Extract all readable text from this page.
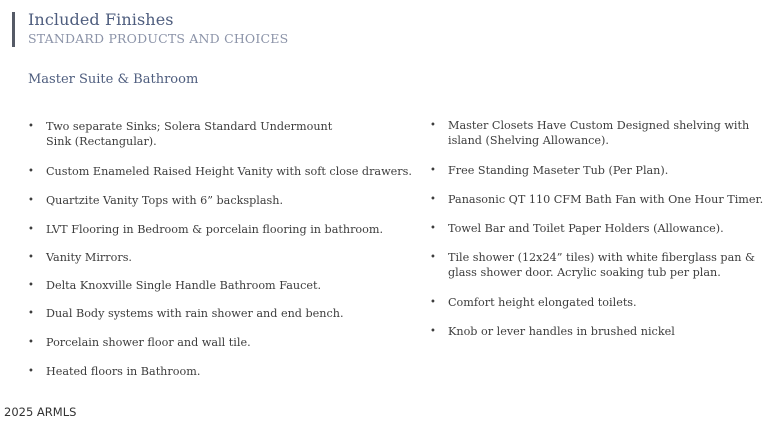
Included Finishes
STANDARD PRODUCTS AND CHOICES
Master Suite & Bathroom
• Two separate Sinks; Solera Standard Undermount Sink (Rectangular).
• Custom Enameled Raised Height Vanity with soft close drawers.
• Quartzite Vanity Tops with 6” backsplash.
• LVT Flooring in Bedroom & porcelain flooring in bathroom.
• Vanity Mirrors.
• Delta Knoxville Single Handle Bathroom Faucet.
• Dual Body systems with rain shower and end bench.
• Porcelain shower floor and wall tile.
• Heated floors in Bathroom.
• Master Closets Have Custom Designed shelving with island (Shelving Allowance).
• Free Standing Maseter Tub (Per Plan).
• Panasonic QT 110 CFM Bath Fan with One Hour Timer.
• Towel Bar and Toilet Paper Holders (Allowance).
• Tile shower (12x24” tiles) with white fiberglass pan & glass shower door. Acrylic soaking tub per plan.
• Comfort height elongated toilets.
• Knob or lever handles in brushed nickel
2025 ARMLS
